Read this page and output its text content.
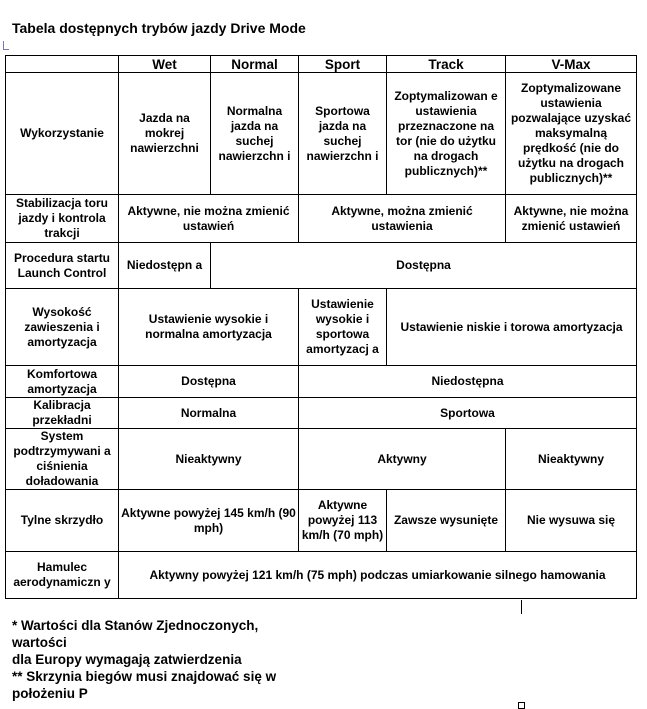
Tabela dostępnych trybów jazdy Drive Mode
	Wet	Normal	Sport	Track	V-Max
Wykorzystanie	Jazda na mokrej nawierzchni	Normalna jazda na suchej nawierzchn i	Sportowa jazda na suchej nawierzchn i	Zoptymalizowan e ustawienia przeznaczone na tor (nie do użytku na drogach publicznych)**	Zoptymalizowane ustawienia pozwalające uzyskać maksymalną prędkość (nie do użytku na drogach publicznych)**
Stabilizacja toru jazdy i kontrola trakcji	Aktywne, nie można zmienić ustawień		Aktywne, można zmienić ustawienia		Aktywne, nie można zmienić ustawień
Procedura startu Launch Control	Niedostępn a	Dostępna			
Wysokość zawieszenia i amortyzacja	Ustawienie wysokie i normalna amortyzacja		Ustawienie wysokie i sportowa amortyzacj a	Ustawienie niskie i torowa amortyzacja	
Komfortowa amortyzacja	Dostępna		Niedostępna		
Kalibracja przekładni	Normalna		Sportowa		
System podtrzymywani a ciśnienia doładowania	Nieaktywny		Aktywny		Nieaktywny
Tylne skrzydło	Aktywne powyżej 145 km/h (90 mph)		Aktywne powyżej 113 km/h (70 mph)	Zawsze wysunięte	Nie wysuwa się
Hamulec aerodynamiczn y	Aktywny powyżej 121 km/h (75 mph) podczas umiarkowanie silnego hamowania				
* Wartości dla Stanów Zjednoczonych,
wartości
dla Europy wymagają zatwierdzenia
** Skrzynia biegów musi znajdować się w
położeniu P
